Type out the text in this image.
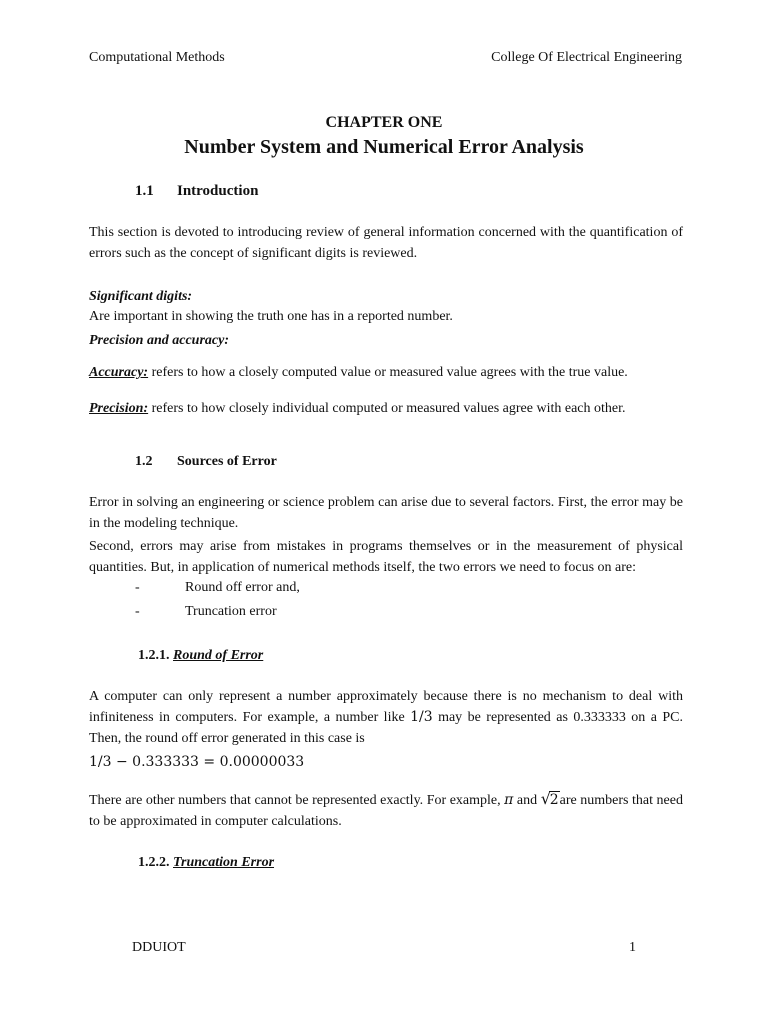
Computational Methods	College Of Electrical Engineering

CHAPTER ONE

Number System and Numerical Error Analysis

1.1 Introduction

This section is devoted to introducing review of general information concerned with the quantification of errors such as the concept of significant digits is reviewed.

Significant digits:

Are important in showing the truth one has in a reported number.

Precision and accuracy:

Accuracy: refers to how a closely computed value or measured value agrees with the true value.

Precision: refers to how closely individual computed or measured values agree with each other.

1.2 Sources of Error

Error in solving an engineering or science problem can arise due to several factors. First, the error may be in the modeling technique.

Second, errors may arise from mistakes in programs themselves or in the measurement of physical quantities. But, in application of numerical methods itself, the two errors we need to focus on are:

-	Round off error and,

-	Truncation error

1.2.1. Round of Error

A computer can only represent a number approximately because there is no mechanism to deal with infiniteness in computers. For example, a number like 1/3 may be represented as 0.333333 on a PC. Then, the round off error generated in this case is

1/3 − 0.333333 = 0.00000033

There are other numbers that cannot be represented exactly. For example, π and √
2are numbers that need to be approximated in computer calculations.

1.2.2. Truncation Error

DDUIOT	1
